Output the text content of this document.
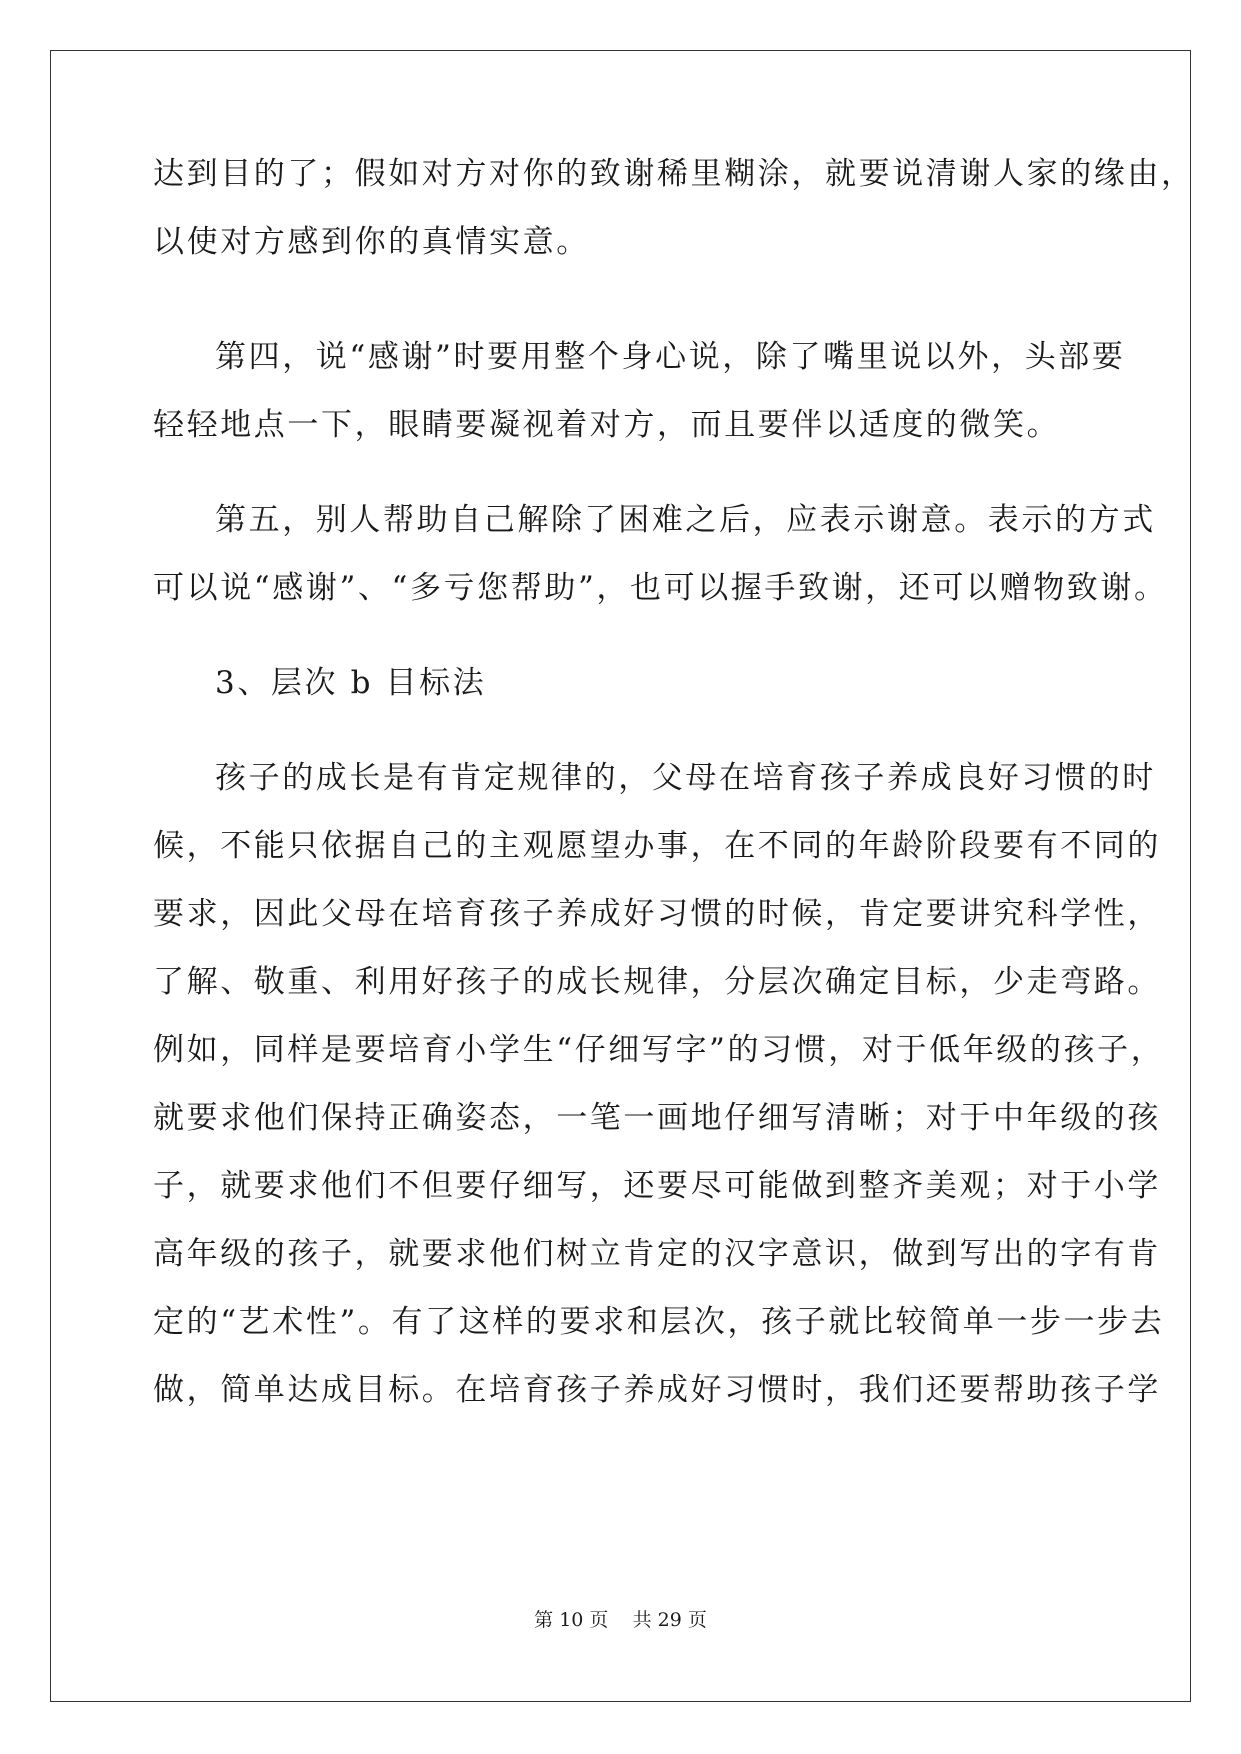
达到目的了；假如对方对你的致谢稀里糊涂，就要说清谢人家的缘由，
以使对方感到你的真情实意。
第四，说“感谢”时要用整个身心说，除了嘴里说以外，头部要
轻轻地点一下，眼睛要凝视着对方，而且要伴以适度的微笑。
第五，别人帮助自己解除了困难之后，应表示谢意。表示的方式
可以说“感谢”、“多亏您帮助”，也可以握手致谢，还可以赠物致谢。
3、层次 b 目标法
孩子的成长是有肯定规律的，父母在培育孩子养成良好习惯的时
候，不能只依据自己的主观愿望办事，在不同的年龄阶段要有不同的
要求，因此父母在培育孩子养成好习惯的时候，肯定要讲究科学性，
了解、敬重、利用好孩子的成长规律，分层次确定目标，少走弯路。
例如，同样是要培育小学生“仔细写字”的习惯，对于低年级的孩子，
就要求他们保持正确姿态，一笔一画地仔细写清晰；对于中年级的孩
子，就要求他们不但要仔细写，还要尽可能做到整齐美观；对于小学
高年级的孩子，就要求他们树立肯定的汉字意识，做到写出的字有肯
定的“艺术性”。有了这样的要求和层次，孩子就比较简单一步一步去
做，简单达成目标。在培育孩子养成好习惯时，我们还要帮助孩子学
第 10 页    共 29 页
